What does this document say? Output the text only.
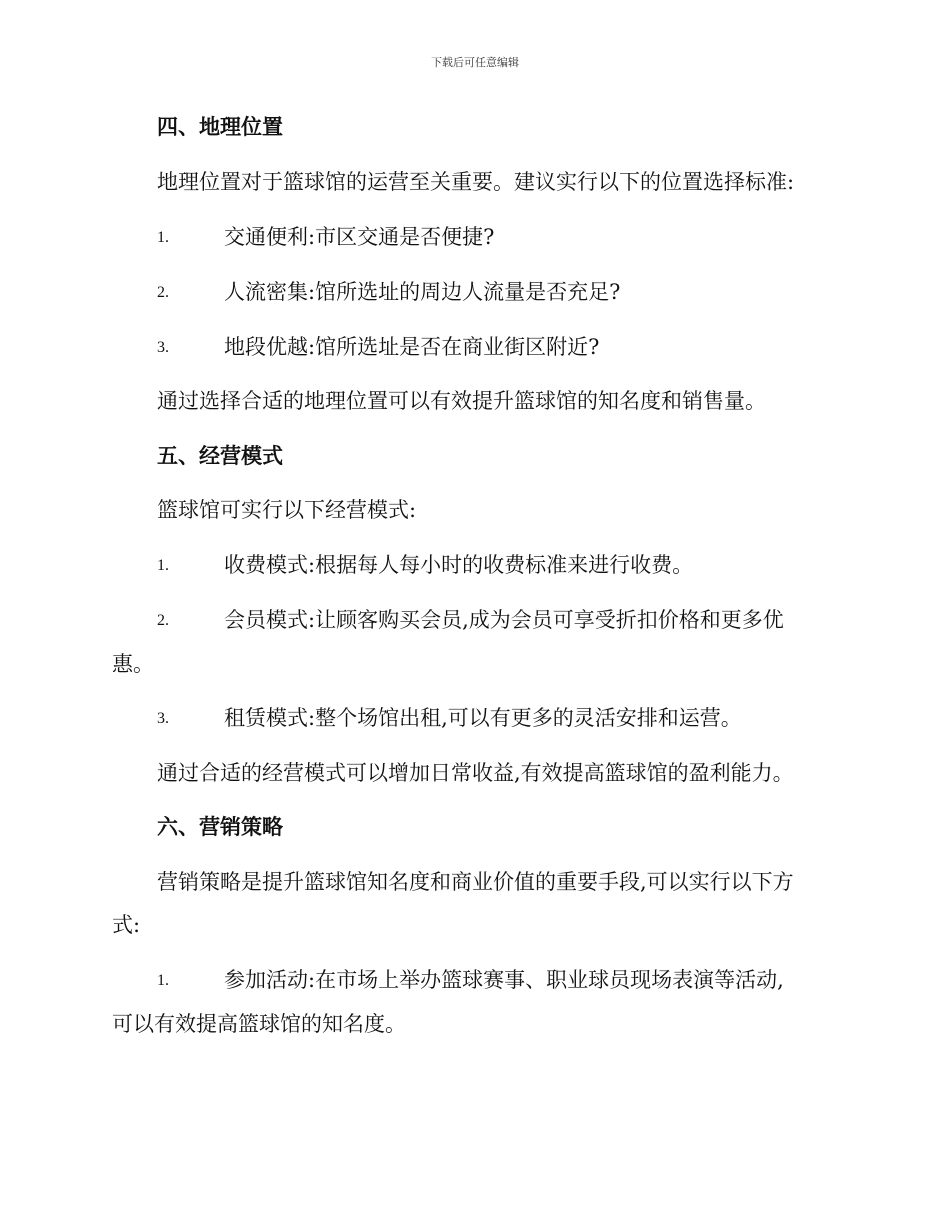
下载后可任意编辑
四、地理位置
地理位置对于篮球馆的运营至关重要。建议实行以下的位置选择标准:
1.	交通便利:市区交通是否便捷?
2.	人流密集:馆所选址的周边人流量是否充足?
3.	地段优越:馆所选址是否在商业街区附近?
通过选择合适的地理位置可以有效提升篮球馆的知名度和销售量。
五、经营模式
篮球馆可实行以下经营模式:
1.	收费模式:根据每人每小时的收费标准来进行收费。
2.	会员模式:让顾客购买会员,成为会员可享受折扣价格和更多优
惠。
3.	租赁模式:整个场馆出租,可以有更多的灵活安排和运营。
通过合适的经营模式可以增加日常收益,有效提高篮球馆的盈利能力。
六、营销策略
营销策略是提升篮球馆知名度和商业价值的重要手段,可以实行以下方
式:
1.	参加活动:在市场上举办篮球赛事、职业球员现场表演等活动,
可以有效提高篮球馆的知名度。
